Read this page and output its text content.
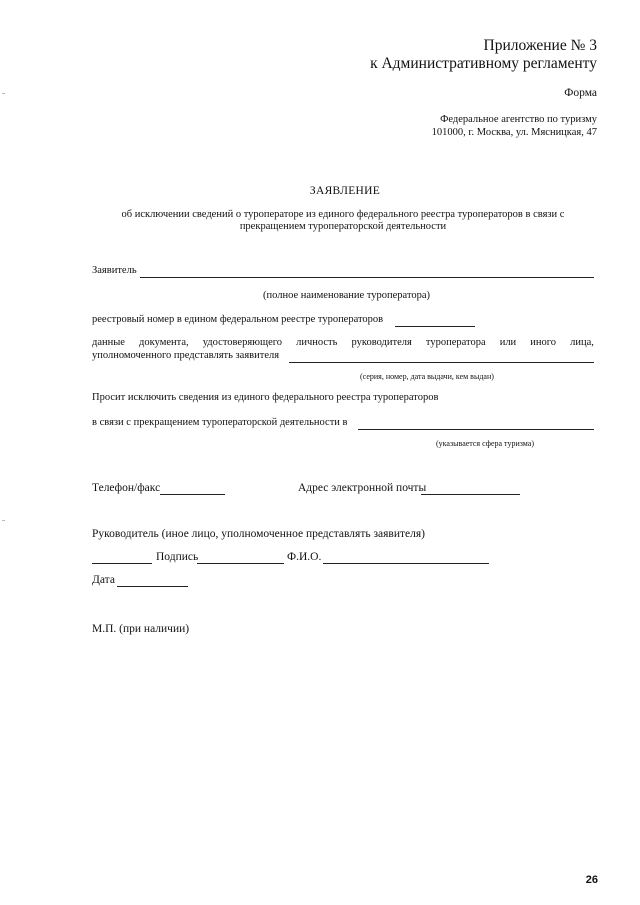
Приложение № 3
к Административному регламенту
Форма
Федеральное агентство по туризму
101000, г. Москва, ул. Мясницкая, 47
ЗАЯВЛЕНИЕ
об исключении сведений о туроператоре из единого федерального реестра туроператоров в связи с
прекращением туроператорской деятельности
Заявитель
(полное наименование туроператора)
реестровый номер в едином федеральном реестре туроператоров
данные документа, удостоверяющего личность руководителя туроператора или иного лица,
уполномоченного представлять заявителя
(серия, номер, дата выдачи, кем выдан)
Просит исключить сведения из единого федерального реестра туроператоров
в связи с прекращением туроператорской деятельности в
(указывается сфера туризма)
Телефон/факс	Адрес электронной почты
Руководитель (иное лицо, уполномоченное представлять заявителя)
Подпись	Ф.И.О.
Дата
М.П. (при наличии)
26
